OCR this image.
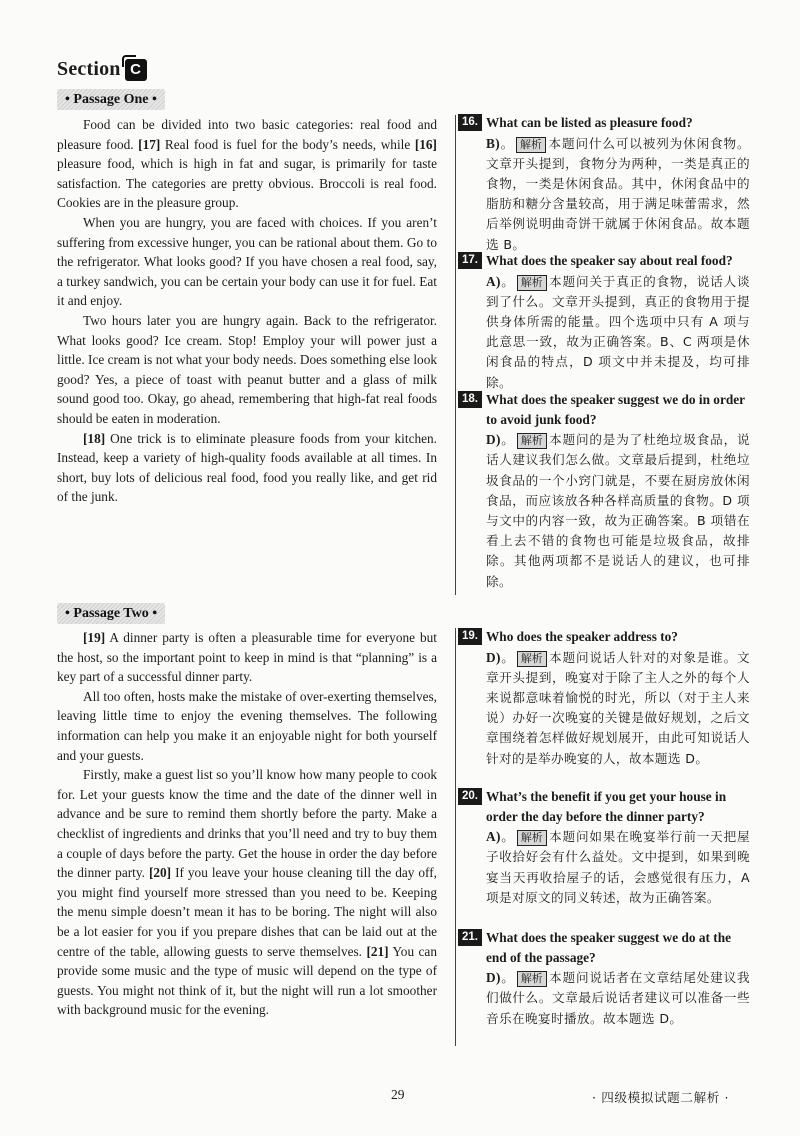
Section C
• Passage One •

Food can be divided into two basic categories: real food and pleasure food. [17] Real food is fuel for the body’s needs, while [16] pleasure food, which is high in fat and sugar, is primarily for taste satisfaction. The categories are pretty obvious. Broccoli is real food. Cookies are in the pleasure group.

When you are hungry, you are faced with choices. If you aren’t suffering from excessive hunger, you can be rational about them. Go to the refrigerator. What looks good? If you have chosen a real food, say, a turkey sandwich, you can be certain your body can use it for fuel. Eat it and enjoy.

Two hours later you are hungry again. Back to the refrigerator. What looks good? Ice cream. Stop! Employ your will power just a little. Ice cream is not what your body needs. Does something else look good? Yes, a piece of toast with peanut butter and a glass of milk sound good too. Okay, go ahead, remembering that high-fat real foods should be eaten in moderation.

[18] One trick is to eliminate pleasure foods from your kitchen. Instead, keep a variety of high-quality foods available at all times. In short, buy lots of delicious real food, food you really like, and get rid of the junk.

• Passage Two •

[19] A dinner party is often a pleasurable time for everyone but the host, so the important point to keep in mind is that “planning” is a key part of a successful dinner party.

All too often, hosts make the mistake of over-exerting themselves, leaving little time to enjoy the evening themselves. The following information can help you make it an enjoyable night for both yourself and your guests.

Firstly, make a guest list so you’ll know how many people to cook for. Let your guests know the time and the date of the dinner well in advance and be sure to remind them shortly before the party. Make a checklist of ingredients and drinks that you’ll need and try to buy them a couple of days before the party. Get the house in order the day before the dinner party. [20] If you leave your house cleaning till the day off, you might find yourself more stressed than you need to be. Keeping the menu simple doesn’t mean it has to be boring. The night will also be a lot easier for you if you prepare dishes that can be laid out at the centre of the table, allowing guests to serve themselves. [21] You can provide some music and the type of music will depend on the type of guests. You might not think of it, but the night will run a lot smoother with background music for the evening.

16. What can be listed as pleasure food?
B)。 解析 本题问什么可以被列为休闲食物。文章开头提到，食物分为两种，一类是真正的食物，一类是休闲食品。其中，休闲食品中的脂肪和糖分含量较高，用于满足味蕾需求，然后举例说明曲奇饼干就属于休闲食品。故本题选 B。
17. What does the speaker say about real food?
A)。 解析 本题问关于真正的食物，说话人谈到了什么。文章开头提到，真正的食物用于提供身体所需的能量。四个选项中只有 A 项与此意思一致，故为正确答案。B、C 两项是休闲食品的特点，D 项文中并未提及，均可排除。
18. What does the speaker suggest we do in order to avoid junk food?
D)。 解析 本题问的是为了杜绝垃圾食品，说话人建议我们怎么做。文章最后提到，杜绝垃圾食品的一个小窍门就是，不要在厨房放休闲食品，而应该放各种各样高质量的食物。D 项与文中的内容一致，故为正确答案。B 项错在看上去不错的食物也可能是垃圾食品，故排除。其他两项都不是说话人的建议，也可排除。
19. Who does the speaker address to?
D)。 解析 本题问说话人针对的对象是谁。文章开头提到，晚宴对于除了主人之外的每个人来说都意味着愉悦的时光，所以（对于主人来说）办好一次晚宴的关键是做好规划，之后文章围绕着怎样做好规划展开，由此可知说话人针对的是举办晚宴的人，故本题选 D。
20. What’s the benefit if you get your house in order the day before the dinner party?
A)。 解析 本题问如果在晚宴举行前一天把屋子收拾好会有什么益处。文中提到，如果到晚宴当天再收拾屋子的话，会感觉很有压力，A 项是对原文的同义转述，故为正确答案。
21. What does the speaker suggest we do at the end of the passage?
D)。 解析 本题问说话者在文章结尾处建议我们做什么。文章最后说话者建议可以准备一些音乐在晚宴时播放。故本题选 D。
29	· 四级模拟试题二解析 ·
